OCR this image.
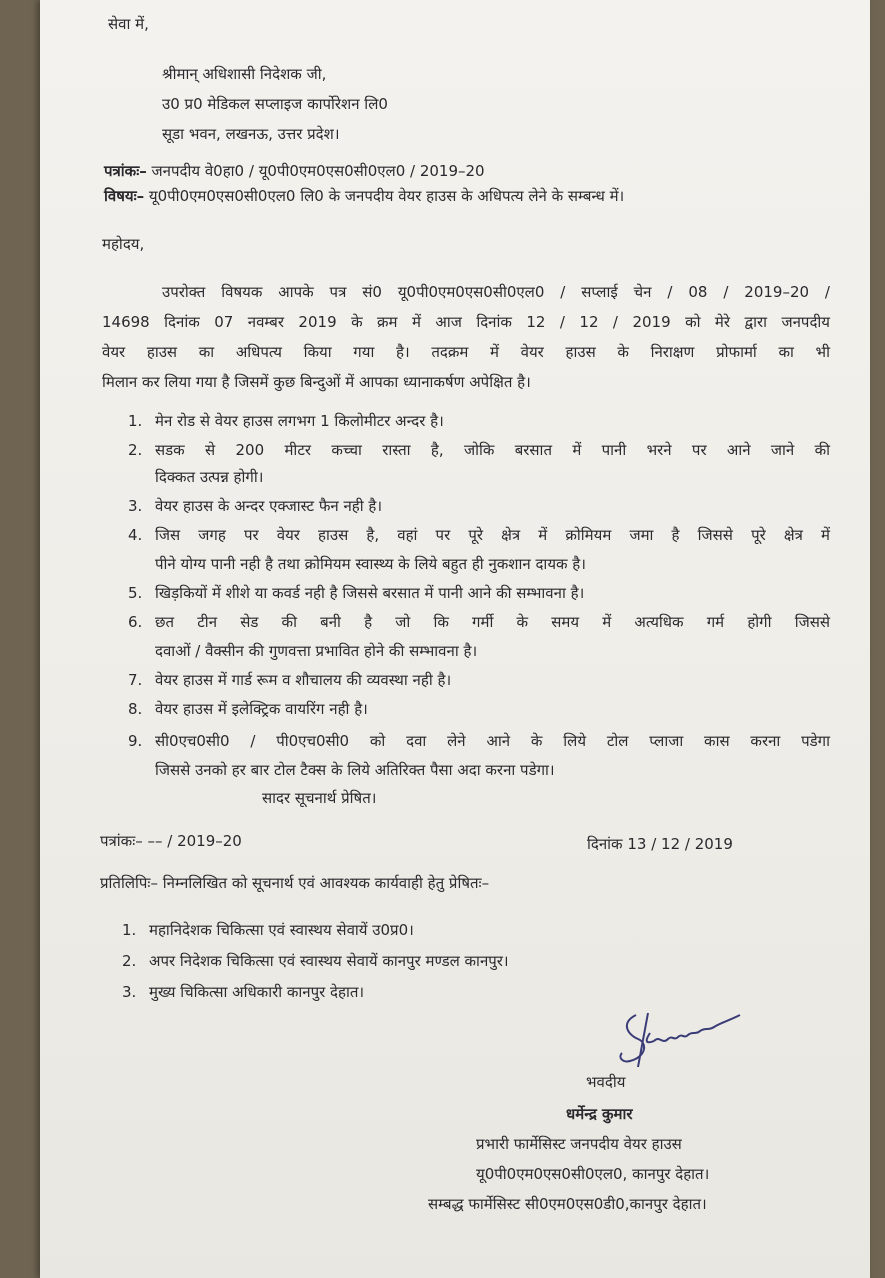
सेवा में,
श्रीमान् अधिशासी निदेशक जी,
उ0 प्र0 मेडिकल सप्लाइज कार्पोरेशन लि0
सूडा भवन, लखनऊ, उत्तर प्रदेश।
पत्रांकः– जनपदीय वे0हा0 / यू0पी0एम0एस0सी0एल0 / 2019–20
विषयः– यू0पी0एम0एस0सी0एल0 लि0 के जनपदीय वेयर हाउस के अधिपत्य लेने के सम्बन्ध में।
महोदय,
उपरोक्त विषयक आपके पत्र सं0 यू0पी0एम0एस0सी0एल0 / सप्लाई चेन / 08 / 2019–20 /
14698 दिनांक 07 नवम्बर 2019 के क्रम में आज दिनांक 12 / 12 / 2019 को मेरे द्वारा जनपदीय
वेयर हाउस का अधिपत्य किया गया है। तदक्रम में वेयर हाउस के निराक्षण प्रोफार्मा का भी
मिलान कर लिया गया है जिसमें कुछ बिन्दुओं में आपका ध्यानाकर्षण अपेक्षित है।
1. मेन रोड से वेयर हाउस लगभग 1 किलोमीटर अन्दर है।
2. सडक से 200 मीटर कच्चा रास्ता है, जोकि बरसात में पानी भरने पर आने जाने की
दिक्कत उत्पन्न होगी।
3. वेयर हाउस के अन्दर एक्जास्ट फैन नही है।
4. जिस जगह पर वेयर हाउस है, वहां पर पूरे क्षेत्र में क्रोमियम जमा है जिससे पूरे क्षेत्र में
पीने योग्य पानी नही है तथा क्रोमियम स्वास्थ्य के लिये बहुत ही नुकशान दायक है।
5. खिड़कियों में शीशे या कवर्ड नही है जिससे बरसात में पानी आने की सम्भावना है।
6. छत टीन सेड की बनी है जो कि गर्मी के समय में अत्यधिक गर्म होगी जिससे
दवाओं / वैक्सीन की गुणवत्ता प्रभावित होने की सम्भावना है।
7. वेयर हाउस में गार्ड रूम व शौचालय की व्यवस्था नही है।
8. वेयर हाउस में इलेक्ट्रिक वायरिंग नही है।
9. सी0एच0सी0 / पी0एच0सी0 को दवा लेने आने के लिये टोल प्लाजा कास करना पडेगा
जिससे उनको हर बार टोल टैक्स के लिये अतिरिक्त पैसा अदा करना पडेगा।
सादर सूचनार्थ प्रेषित।
पत्रांकः– –– / 2019–20	दिनांक 13 / 12 / 2019
प्रतिलिपिः– निम्नलिखित को सूचनार्थ एवं आवश्यक कार्यवाही हेतु प्रेषितः–
1. महानिदेशक चिकित्सा एवं स्वास्थय सेवायें उ0प्र0।
2. अपर निदेशक चिकित्सा एवं स्वास्थय सेवायें कानपुर मण्डल कानपुर।
3. मुख्य चिकित्सा अधिकारी कानपुर देहात।
भवदीय
धर्मेन्द्र कुमार
प्रभारी फार्मेसिस्ट जनपदीय वेयर हाउस
यू0पी0एम0एस0सी0एल0, कानपुर देहात।
सम्बद्ध फार्मेसिस्ट सी0एम0एस0डी0,कानपुर देहात।
